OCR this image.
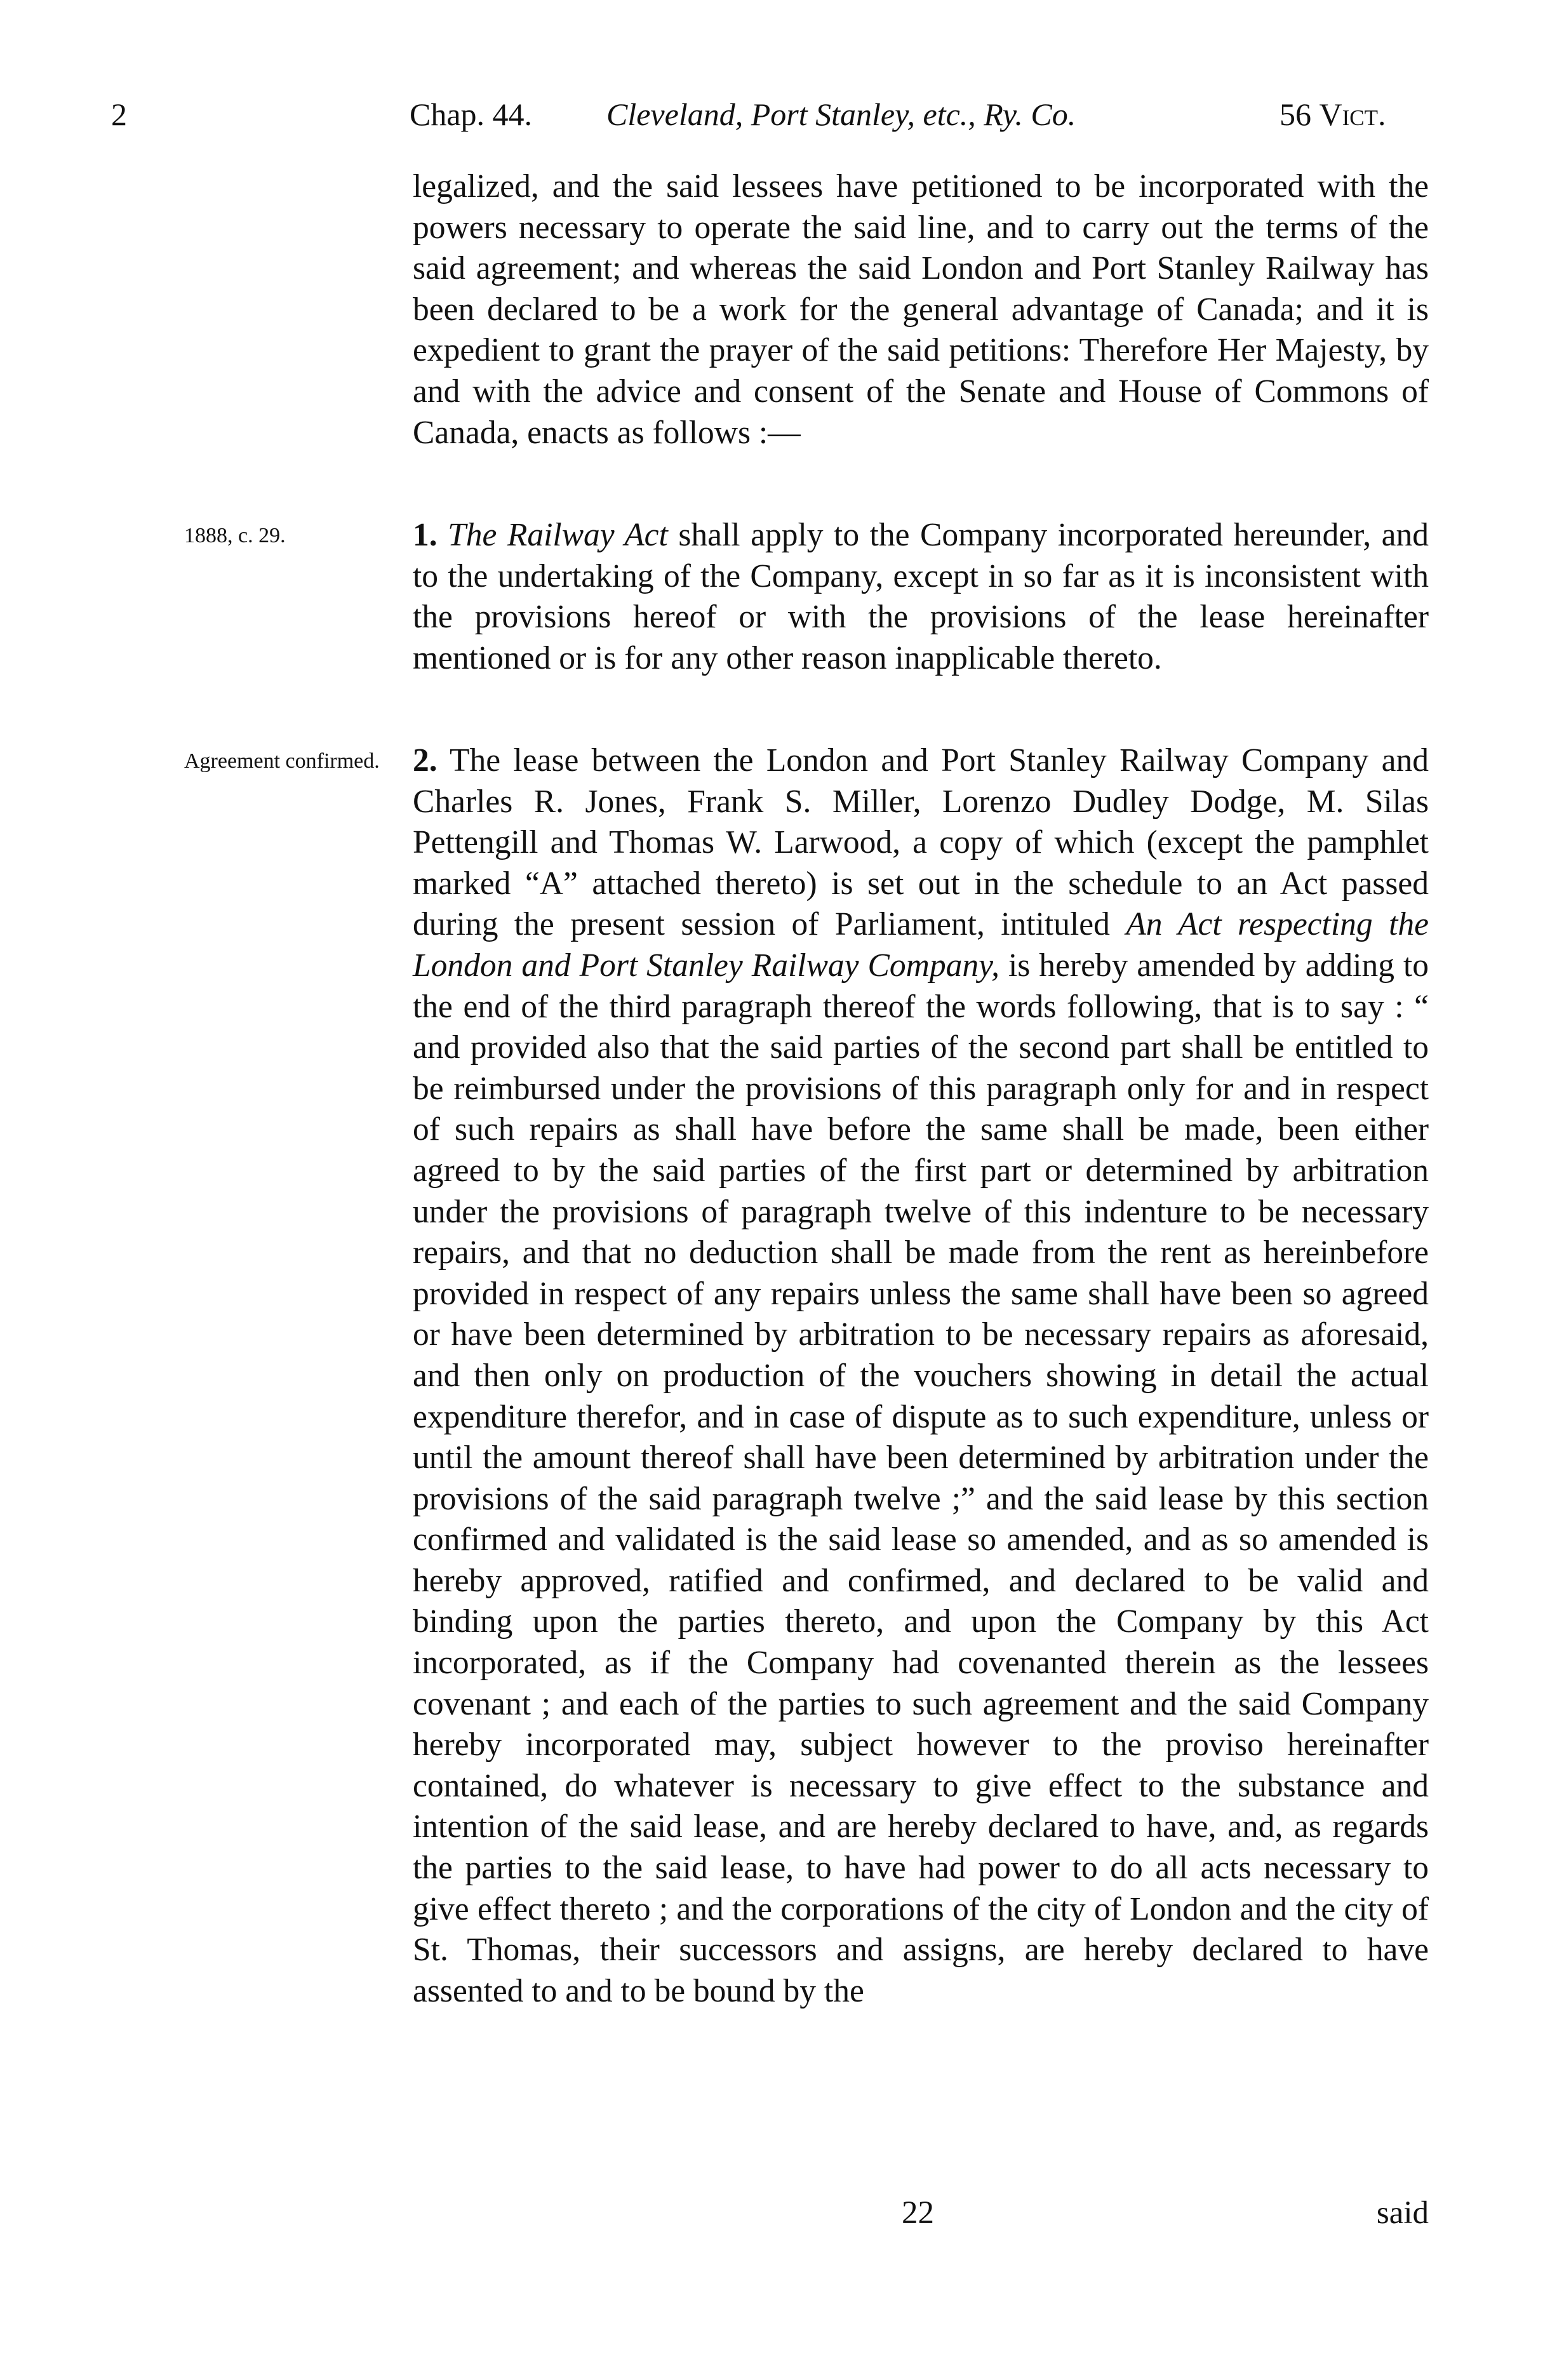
2	Chap. 44. Cleveland, Port Stanley, etc., Ry. Co.	56 Vict.
legalized, and the said lessees have petitioned to be incorporated with the powers necessary to operate the said line, and to carry out the terms of the said agreement; and whereas the said London and Port Stanley Railway has been declared to be a work for the general advantage of Canada; and it is expedient to grant the prayer of the said petitions: Therefore Her Majesty, by and with the advice and consent of the Senate and House of Commons of Canada, enacts as follows :—
1888, c. 29.	1. The Railway Act shall apply to the Company incorporated hereunder, and to the undertaking of the Company, except in so far as it is inconsistent with the provisions hereof or with the provisions of the lease hereinafter mentioned or is for any other reason inapplicable thereto.
Agreement confirmed. 2. The lease between the London and Port Stanley Railway Company and Charles R. Jones, Frank S. Miller, Lorenzo Dudley Dodge, M. Silas Pettengill and Thomas W. Larwood, a copy of which (except the pamphlet marked “A” attached thereto) is set out in the schedule to an Act passed during the present session of Parliament, intituled An Act respecting the London and Port Stanley Railway Company, is hereby amended by adding to the end of the third paragraph thereof the words following, that is to say : “ and provided also that the said parties of the second part shall be entitled to be reimbursed under the provisions of this paragraph only for and in respect of such repairs as shall have before the same shall be made, been either agreed to by the said parties of the first part or determined by arbitration under the provisions of paragraph twelve of this indenture to be necessary repairs, and that no deduction shall be made from the rent as hereinbefore provided in respect of any repairs unless the same shall have been so agreed or have been determined by arbitration to be necessary repairs as aforesaid, and then only on production of the vouchers showing in detail the actual expenditure therefor, and in case of dispute as to such expenditure, unless or until the amount thereof shall have been determined by arbitration under the provisions of the said paragraph twelve ;” and the said lease by this section confirmed and validated is the said lease so amended, and as so amended is hereby approved, ratified and confirmed, and declared to be valid and binding upon the parties thereto, and upon the Company by this Act incorporated, as if the Company had covenanted therein as the lessees covenant ; and each of the parties to such agreement and the said Company hereby incorporated may, subject however to the proviso hereinafter contained, do whatever is necessary to give effect to the substance and intention of the said lease, and are hereby declared to have, and, as regards the parties to the said lease, to have had power to do all acts necessary to give effect thereto ; and the corporations of the city of London and the city of St. Thomas, their successors and assigns, are hereby declared to have assented to and to be bound by the
22	said
